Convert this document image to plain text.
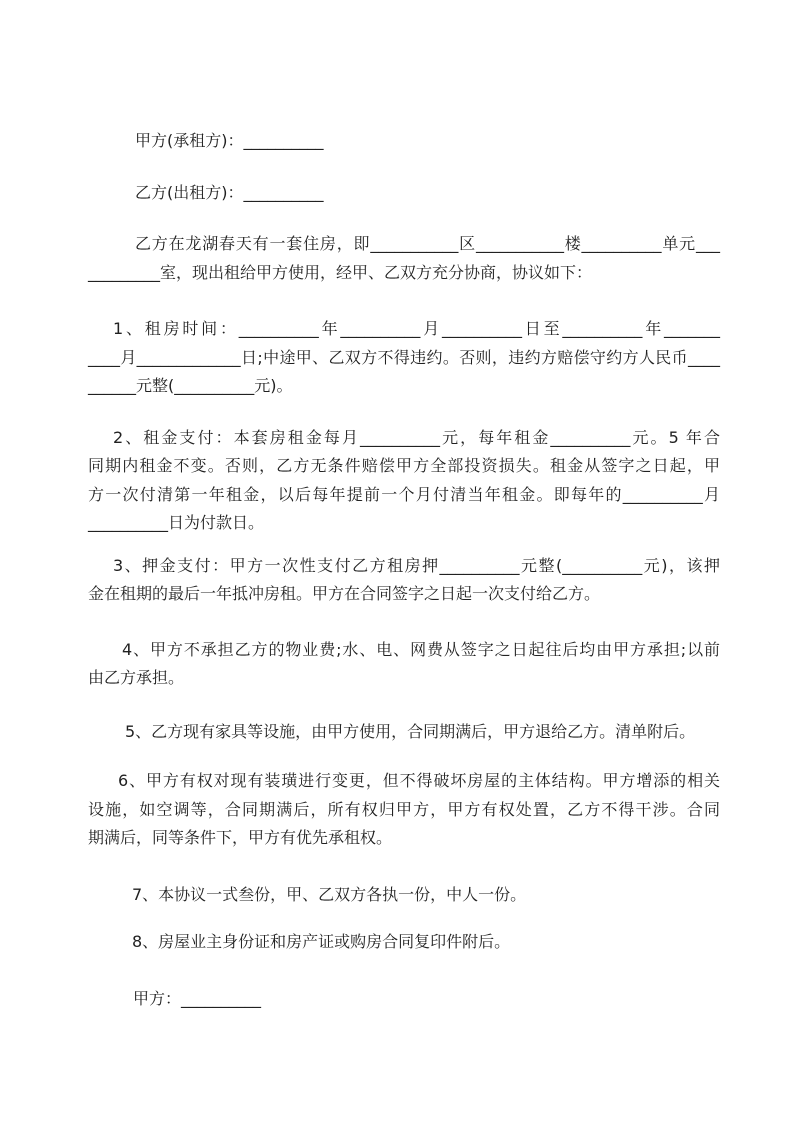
甲方(承租方)：__________
乙方(出租方)：__________
乙方在龙湖春天有一套住房，即___________区___________楼__________单元___
_________室，现出租给甲方使用，经甲、乙双方充分协商，协议如下：
1、租房时间：__________年__________月__________日至__________年_______
____月_____________日;中途甲、乙双方不得违约。否则，违约方赔偿守约方人民币____
______元整(__________元)。
2、租金支付：本套房租金每月__________元，每年租金__________元。5 年合
同期内租金不变。否则，乙方无条件赔偿甲方全部投资损失。租金从签字之日起，甲
方一次付清第一年租金，以后每年提前一个月付清当年租金。即每年的__________月
__________日为付款日。
3、押金支付：甲方一次性支付乙方租房押__________元整(__________元)，该押
金在租期的最后一年抵冲房租。甲方在合同签字之日起一次支付给乙方。
4、甲方不承担乙方的物业费;水、电、网费从签字之日起往后均由甲方承担;以前
由乙方承担。
5、乙方现有家具等设施，由甲方使用，合同期满后，甲方退给乙方。清单附后。
6、甲方有权对现有装璜进行变更，但不得破坏房屋的主体结构。甲方增添的相关
设施，如空调等，合同期满后，所有权归甲方，甲方有权处置，乙方不得干涉。合同
期满后，同等条件下，甲方有优先承租权。
7、本协议一式叁份，甲、乙双方各执一份，中人一份。
8、房屋业主身份证和房产证或购房合同复印件附后。
甲方：__________
